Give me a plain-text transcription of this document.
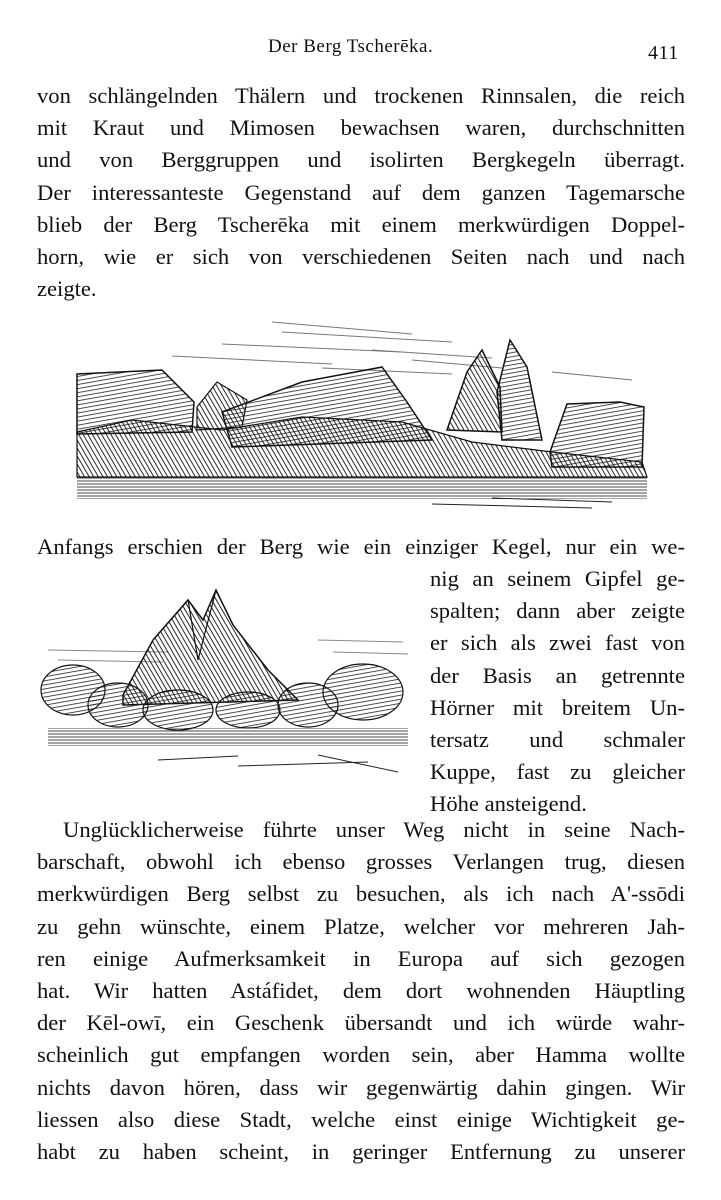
Der Berg Tscherēka.	411
von schlängelnden Thälern und trockenen Rinnsalen, die reich
mit Kraut und Mimosen bewachsen waren, durchschnitten
und von Berggruppen und isolirten Bergkegeln überragt.
Der interessanteste Gegenstand auf dem ganzen Tagemarsche
blieb der Berg Tscherēka mit einem merkwürdigen Doppel-
horn, wie er sich von verschiedenen Seiten nach und nach
zeigte.
Anfangs erschien der Berg wie ein einziger Kegel, nur ein we-
nig an seinem Gipfel ge-
spalten; dann aber zeigte
er sich als zwei fast von
der Basis an getrennte
Hörner mit breitem Un-
tersatz und schmaler
Kuppe, fast zu gleicher
Höhe ansteigend.
Unglücklicherweise führte unser Weg nicht in seine Nach-
barschaft, obwohl ich ebenso grosses Verlangen trug, diesen
merkwürdigen Berg selbst zu besuchen, als ich nach A'-ssōdi
zu gehn wünschte, einem Platze, welcher vor mehreren Jah-
ren einige Aufmerksamkeit in Europa auf sich gezogen
hat. Wir hatten Astáfidet, dem dort wohnenden Häuptling
der Kēl-owī, ein Geschenk übersandt und ich würde wahr-
scheinlich gut empfangen worden sein, aber Hamma wollte
nichts davon hören, dass wir gegenwärtig dahin gingen. Wir
liessen also diese Stadt, welche einst einige Wichtigkeit ge-
habt zu haben scheint, in geringer Entfernung zu unserer
